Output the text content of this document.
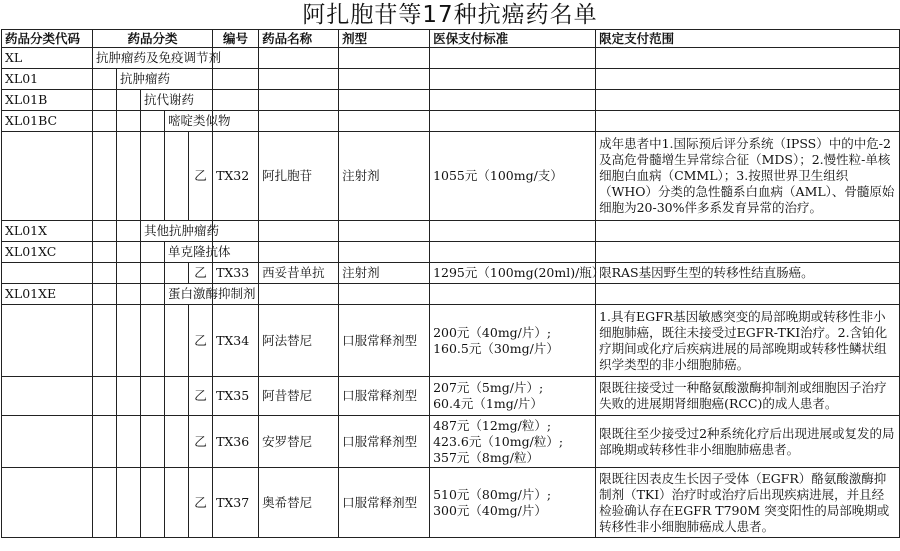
阿扎胞苷等17种抗癌药名单
药品分类代码	药品分类					编号	药品名称	剂型	医保支付标准	限定支付范围
XL	抗肿瘤药及免疫调节剂									
XL01		抗肿瘤药								
XL01B			抗代谢药							
XL01BC				嘧啶类似物						
					乙	TX32	阿扎胞苷	注射剂	1055元（100mg/支）	成年患者中1.国际预后评分系统（IPSS）中的中危-2及高危骨髓增生异常综合征（MDS）；2.慢性粒-单核细胞白血病（CMML）；3.按照世界卫生组织（WHO）分类的急性髓系白血病（AML）、骨髓原始细胞为20-30%伴多系发育异常的治疗。
XL01X			其他抗肿瘤药							
XL01XC				单克隆抗体						
					乙	TX33	西妥昔单抗	注射剂	1295元（100mg(20ml)/瓶）	限RAS基因野生型的转移性结直肠癌。
XL01XE				蛋白激酶抑制剂						
					乙	TX34	阿法替尼	口服常释剂型	200元（40mg/片）;
160.5元（30mg/片）	1.具有EGFR基因敏感突变的局部晚期或转移性非小细胞肺癌，既往未接受过EGFR-TKI治疗。2.含铂化疗期间或化疗后疾病进展的局部晚期或转移性鳞状组织学类型的非小细胞肺癌。
					乙	TX35	阿昔替尼	口服常释剂型	207元（5mg/片）;
60.4元（1mg/片）	限既往接受过一种酪氨酸激酶抑制剂或细胞因子治疗失败的进展期肾细胞癌(RCC)的成人患者。
					乙	TX36	安罗替尼	口服常释剂型	487元（12mg/粒）;
423.6元（10mg/粒）;
357元（8mg/粒）	限既往至少接受过2种系统化疗后出现进展或复发的局部晚期或转移性非小细胞肺癌患者。
					乙	TX37	奥希替尼	口服常释剂型	510元（80mg/片）;
300元（40mg/片）	限既往因表皮生长因子受体（EGFR）酪氨酸激酶抑制剂（TKI）治疗时或治疗后出现疾病进展，并且经检验确认存在EGFR T790M 突变阳性的局部晚期或转移性非小细胞肺癌成人患者。
